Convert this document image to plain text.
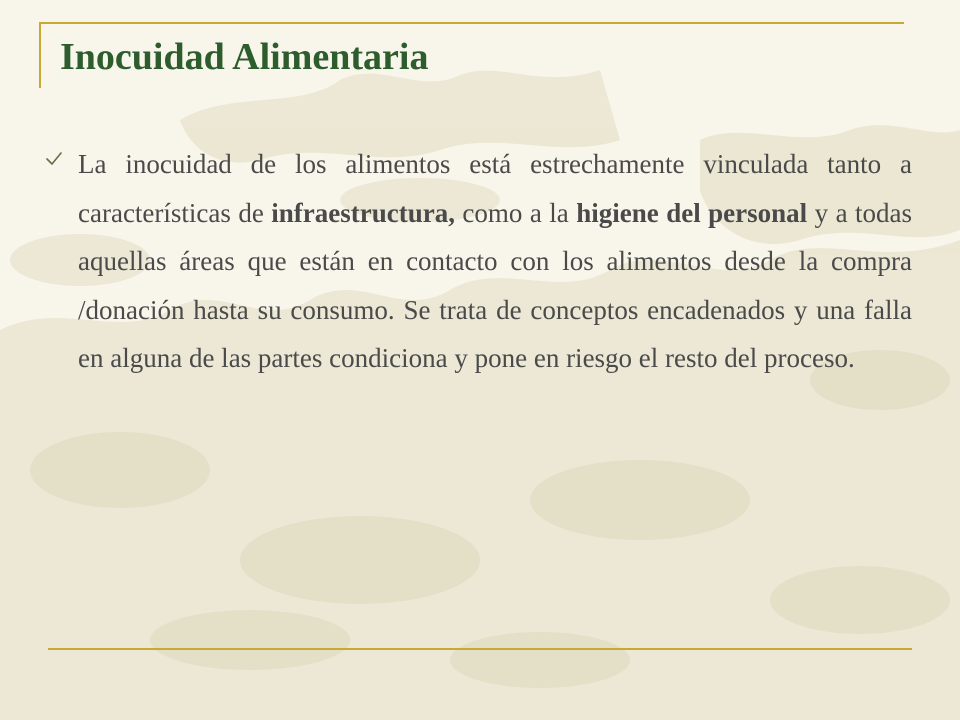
Inocuidad Alimentaria

La inocuidad de los alimentos está estrechamente vinculada tanto a características de infraestructura, como a la higiene del personal y a todas aquellas áreas que están en contacto con los alimentos desde la compra /donación hasta su consumo. Se trata de conceptos encadenados y una falla en alguna de las partes condiciona y pone en riesgo el resto del proceso.
